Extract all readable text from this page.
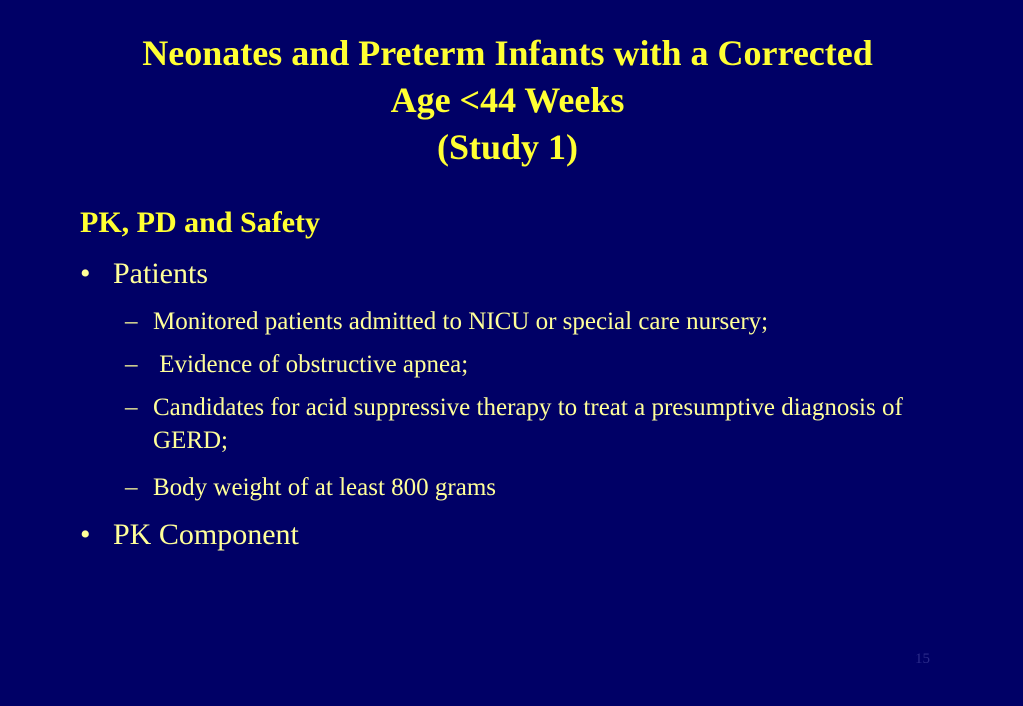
Neonates and Preterm Infants with a Corrected
Age <44 Weeks
(Study 1)
PK, PD and Safety
• Patients
– Monitored patients admitted to NICU or special care nursery;
– Evidence of obstructive apnea;
– Candidates for acid suppressive therapy to treat a presumptive diagnosis of GERD;
– Body weight of at least 800 grams
• PK Component
15
